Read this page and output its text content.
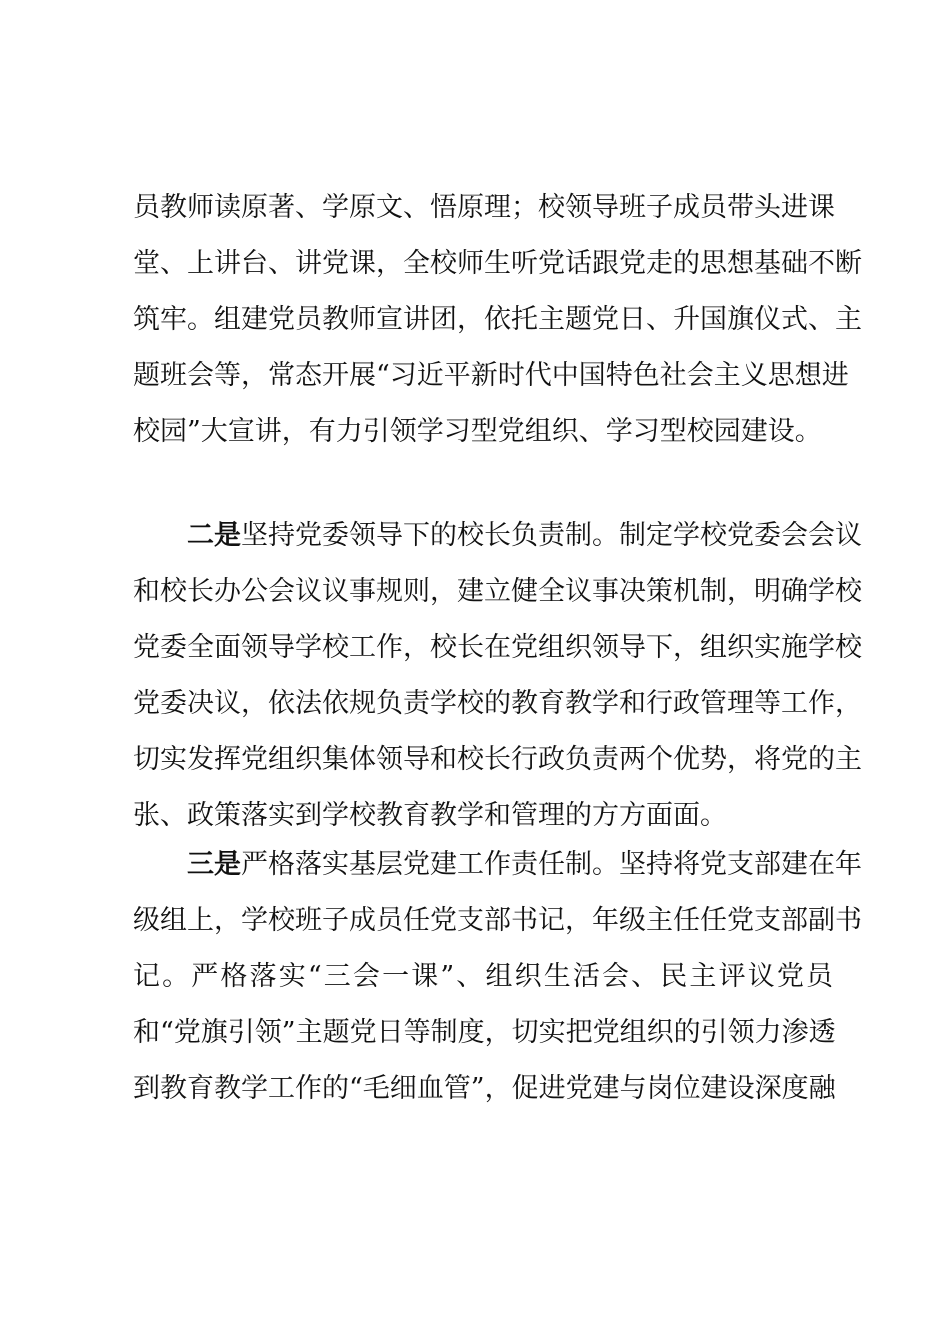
员教师读原著、学原文、悟原理；校领导班子成员带头进课
堂、上讲台、讲党课，全校师生听党话跟党走的思想基础不断
筑牢。组建党员教师宣讲团，依托主题党日、升国旗仪式、主
题班会等，常态开展“习近平新时代中国特色社会主义思想进
校园”大宣讲，有力引领学习型党组织、学习型校园建设。
二是坚持党委领导下的校长负责制。制定学校党委会会议
和校长办公会议议事规则，建立健全议事决策机制，明确学校
党委全面领导学校工作，校长在党组织领导下，组织实施学校
党委决议，依法依规负责学校的教育教学和行政管理等工作，
切实发挥党组织集体领导和校长行政负责两个优势，将党的主
张、政策落实到学校教育教学和管理的方方面面。
三是严格落实基层党建工作责任制。坚持将党支部建在年
级组上，学校班子成员任党支部书记，年级主任任党支部副书
记。严格落实“三会一课”、组织生活会、民主评议党员
和“党旗引领”主题党日等制度，切实把党组织的引领力渗透
到教育教学工作的“毛细血管”，促进党建与岗位建设深度融
